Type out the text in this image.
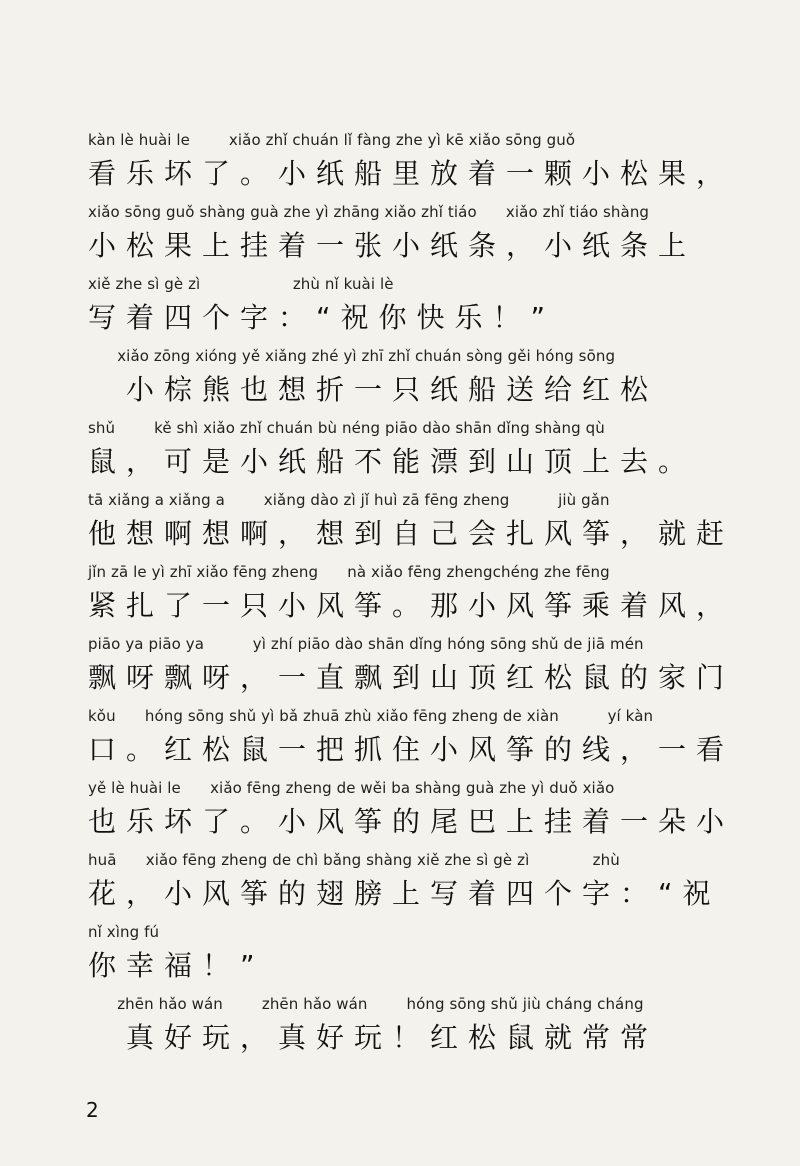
kàn lè huài le        xiǎo zhǐ chuán lǐ fàng zhe yì kē xiǎo sōng guǒ
看乐坏了。小纸船里放着一颗小松果，
xiǎo sōng guǒ shàng guà zhe yì zhāng xiǎo zhǐ tiáo      xiǎo zhǐ tiáo shàng
小松果上挂着一张小纸条，小纸条上
xiě zhe sì gè zì                   zhù nǐ kuài lè
写着四个字：“祝你快乐！”
xiǎo zōng xióng yě xiǎng zhé yì zhī zhǐ chuán sòng gěi hóng sōng
　小棕熊也想折一只纸船送给红松
shǔ        kě shì xiǎo zhǐ chuán bù néng piāo dào shān dǐng shàng qù
鼠，可是小纸船不能漂到山顶上去。
tā xiǎng a xiǎng a        xiǎng dào zì jǐ huì zā fēng zheng          jiù gǎn
他想啊想啊，想到自己会扎风筝，就赶
jǐn zā le yì zhī xiǎo fēng zheng      nà xiǎo fēng zhengchéng zhe fēng
紧扎了一只小风筝。那小风筝乘着风，
piāo ya piāo ya          yì zhí piāo dào shān dǐng hóng sōng shǔ de jiā mén
飘呀飘呀，一直飘到山顶红松鼠的家门
kǒu      hóng sōng shǔ yì bǎ zhuā zhù xiǎo fēng zheng de xiàn          yí kàn
口。红松鼠一把抓住小风筝的线，一看
yě lè huài le      xiǎo fēng zheng de wěi ba shàng guà zhe yì duǒ xiǎo
也乐坏了。小风筝的尾巴上挂着一朵小
huā      xiǎo fēng zheng de chì bǎng shàng xiě zhe sì gè zì             zhù
花，小风筝的翅膀上写着四个字：“祝
nǐ xìng fú
你幸福！”
zhēn hǎo wán        zhēn hǎo wán        hóng sōng shǔ jiù cháng cháng
　真好玩，真好玩！红松鼠就常常
2
